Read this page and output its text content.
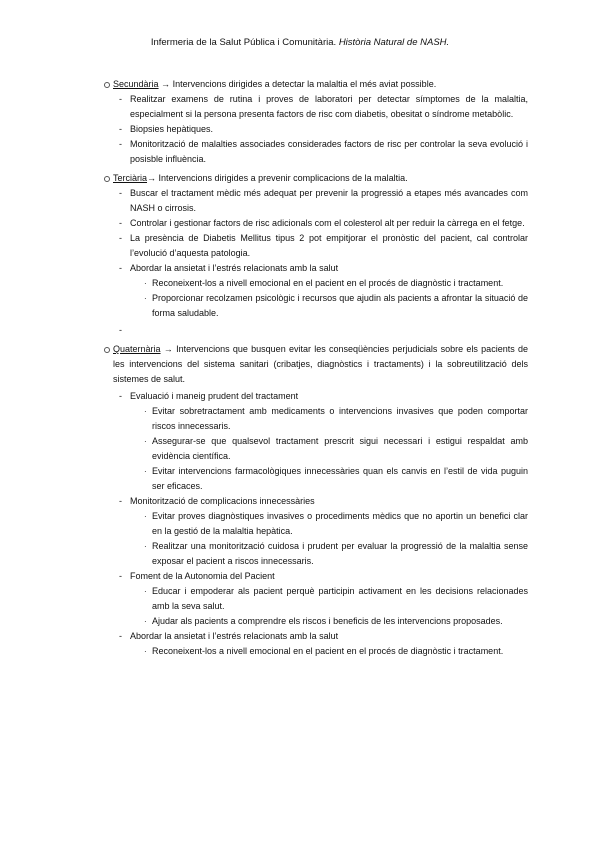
Infermeria de la Salut Pública i Comunitària. Història Natural de NASH.
Secundària → Intervencions dirigides a detectar la malaltia el més aviat possible.
- Realitzar examens de rutina i proves de laboratori per detectar símptomes de la malaltia, especialment si la persona presenta factors de risc com diabetis, obesitat o síndrome metabòlic.
- Biopsies hepàtiques.
- Monitorització de malalties associades considerades factors de risc per controlar la seva evolució i posisble influència.
Terciària→ Intervencions dirigides a prevenir complicacions de la malaltia.
- Buscar el tractament mèdic més adequat per prevenir la progressió a etapes més avancades com NASH o cirrosis.
- Controlar i gestionar factors de risc adicionals com el colesterol alt per reduir la càrrega en el fetge.
- La presència de Diabetis Mellitus tipus 2 pot empitjorar el pronòstic del pacient, cal controlar l’evolució d’aquesta patologia.
- Abordar la ansietat i l’estrés relacionats amb la salut
· Reconeixent-los a nivell emocional en el pacient en el procés de diagnòstic i tractament.
· Proporcionar recolzamen psicològic i recursos que ajudin als pacients a afrontar la situació de forma saludable.
-

Quaternària → Intervencions que busquen evitar les conseqüències perjudicials sobre els pacients de les intervencions del sistema sanitari (cribatjes, diagnòstics i tractaments) i la sobreutilització dels sistemes de salut.
- Evaluació i maneig prudent del tractament
· Evitar sobretractament amb medicaments o intervencions invasives que poden comportar riscos innecessaris.
· Assegurar-se que qualsevol tractament prescrit sigui necessari i estigui respaldat amb evidència científica.
· Evitar intervencions farmacològiques innecessàries quan els canvis en l’estil de vida puguin ser eficaces.
- Monitorització de complicacions innecessàries
· Evitar proves diagnòstiques invasives o procediments mèdics que no aportin un benefici clar en la gestió de la malaltia hepàtica.
· Realitzar una monitorització cuidosa i prudent per evaluar la progressió de la malaltia sense exposar el pacient a riscos innecessaris.
- Foment de la Autonomia del Pacient
· Educar i empoderar als pacient perquè participin activament en les decisions relacionades amb la seva salut.
· Ajudar als pacients a comprendre els riscos i beneficis de les intervencions proposades.
- Abordar la ansietat i l’estrés relacionats amb la salut
· Reconeixent-los a nivell emocional en el pacient en el procés de diagnòstic i tractament.
